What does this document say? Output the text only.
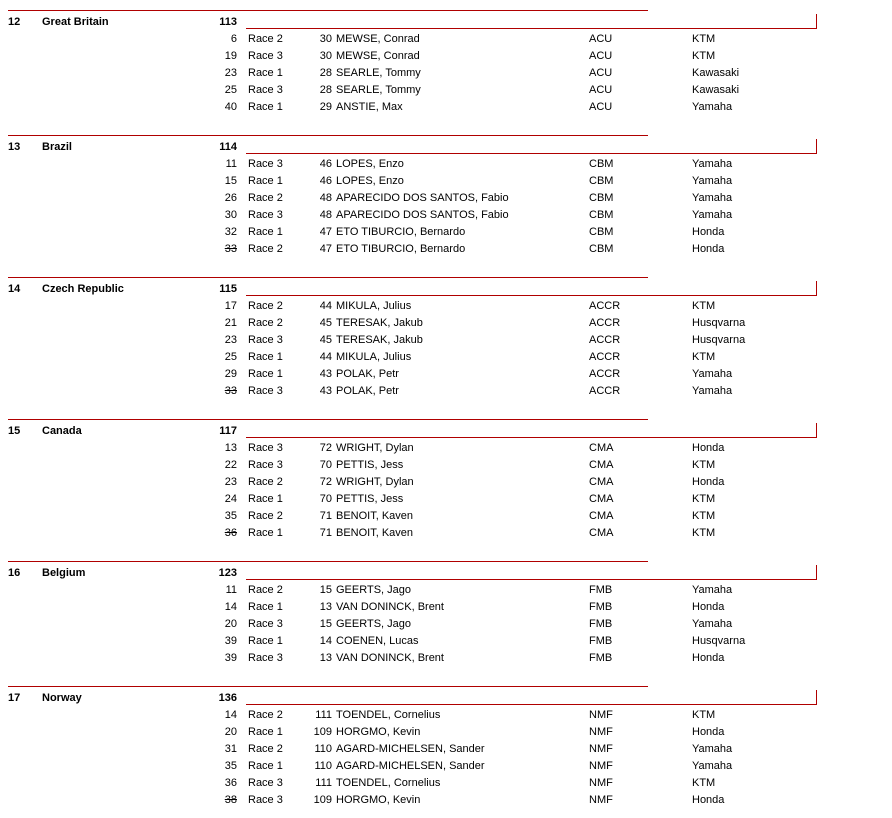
12 Great Britain	113
6 Race 2	30 MEWSE, Conrad	ACU	KTM
19 Race 3	30 MEWSE, Conrad	ACU	KTM
23 Race 1	28 SEARLE, Tommy	ACU	Kawasaki
25 Race 3	28 SEARLE, Tommy	ACU	Kawasaki
40 Race 1	29 ANSTIE, Max	ACU	Yamaha
13 Brazil	114
11 Race 3	46 LOPES, Enzo	CBM	Yamaha
15 Race 1	46 LOPES, Enzo	CBM	Yamaha
26 Race 2	48 APARECIDO DOS SANTOS, Fabio	CBM	Yamaha
30 Race 3	48 APARECIDO DOS SANTOS, Fabio	CBM	Yamaha
32 Race 1	47 ETO TIBURCIO, Bernardo	CBM	Honda
33 Race 2	47 ETO TIBURCIO, Bernardo	CBM	Honda
14 Czech Republic	115
17 Race 2	44 MIKULA, Julius	ACCR	KTM
21 Race 2	45 TERESAK, Jakub	ACCR	Husqvarna
23 Race 3	45 TERESAK, Jakub	ACCR	Husqvarna
25 Race 1	44 MIKULA, Julius	ACCR	KTM
29 Race 1	43 POLAK, Petr	ACCR	Yamaha
33 Race 3	43 POLAK, Petr	ACCR	Yamaha
15 Canada	117
13 Race 3	72 WRIGHT, Dylan	CMA	Honda
22 Race 3	70 PETTIS, Jess	CMA	KTM
23 Race 2	72 WRIGHT, Dylan	CMA	Honda
24 Race 1	70 PETTIS, Jess	CMA	KTM
35 Race 2	71 BENOIT, Kaven	CMA	KTM
36 Race 1	71 BENOIT, Kaven	CMA	KTM
16 Belgium	123
11 Race 2	15 GEERTS, Jago	FMB	Yamaha
14 Race 1	13 VAN DONINCK, Brent	FMB	Honda
20 Race 3	15 GEERTS, Jago	FMB	Yamaha
39 Race 1	14 COENEN, Lucas	FMB	Husqvarna
39 Race 3	13 VAN DONINCK, Brent	FMB	Honda
17 Norway	136
14 Race 2	111 TOENDEL, Cornelius	NMF	KTM
20 Race 1	109 HORGMO, Kevin	NMF	Honda
31 Race 2	110 AGARD-MICHELSEN, Sander	NMF	Yamaha
35 Race 1	110 AGARD-MICHELSEN, Sander	NMF	Yamaha
36 Race 3	111 TOENDEL, Cornelius	NMF	KTM
38 Race 3	109 HORGMO, Kevin	NMF	Honda
